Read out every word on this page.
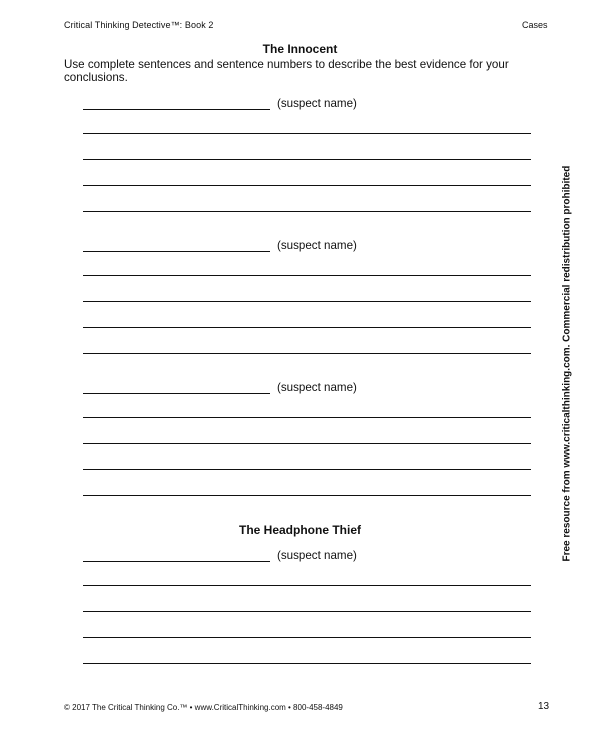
Critical Thinking Detective™: Book 2	Cases
The Innocent
Use complete sentences and sentence numbers to describe the best evidence for your conclusions.
(suspect name)
(suspect name)
(suspect name)
The Headphone Thief
(suspect name)	Free resource from www.criticalthinking.com. Commercial redistribution prohibited
© 2017 The Critical Thinking Co.™ • www.CriticalThinking.com • 800-458-4849	13
